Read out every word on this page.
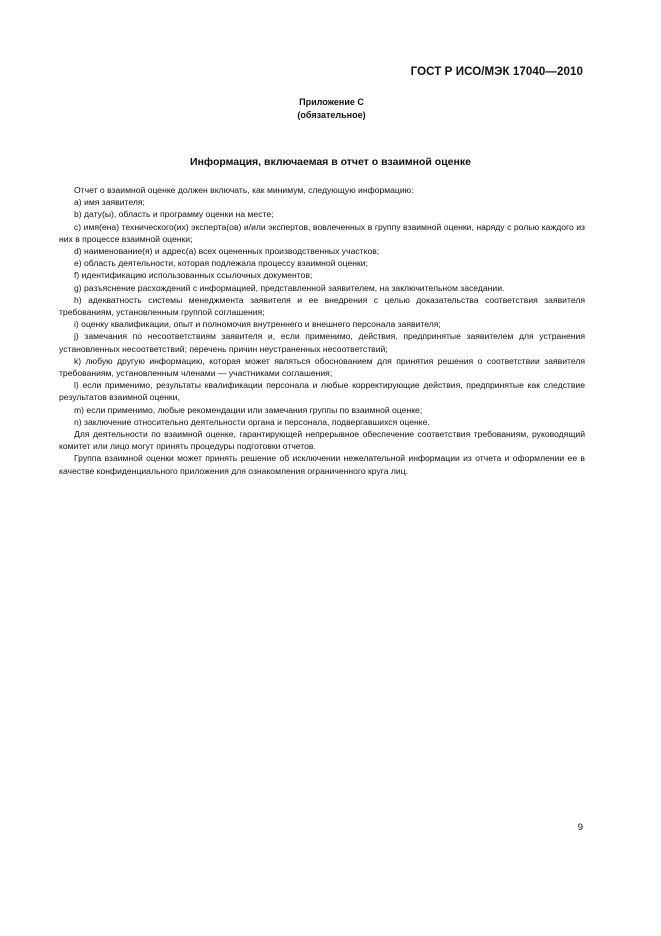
ГОСТ Р ИСО/МЭК 17040—2010
Приложение С
(обязательное)
Информация, включаемая в отчет о взаимной оценке

Отчет о взаимной оценке должен включать, как минимум, следующую информацию:

а) имя заявителя;

b) дату(ы), область и программу оценки на месте;

с) имя(ена) технического(их) эксперта(ов) и/или экспертов, вовлеченных в группу взаимной оценки, наряду с ролью каждого из них в процессе взаимной оценки;

d) наименование(я) и адрес(а) всех оцененных производственных участков;

е) область деятельности, которая подлежала процессу взаимной оценки;

f) идентификацию использованных ссылочных документов;

g) разъяснение расхождений с информацией, представленной заявителем, на заключительном заседании.

h) адекватность системы менеджмента заявителя и ее внедрения с целью доказательства соответствия заявителя требованиям, установленным группой соглашения;

i) оценку квалификации, опыт и полномочия внутреннего и внешнего персонала заявителя;

j) замечания по несоответствиям заявителя и, если применимо, действия, предпринятые заявителем для устранения установленных несоответствий; перечень причин неустраненных несоответствий;

k) любую другую информацию, которая может являться обоснованием для принятия решения о соответствии заявителя требованиям, установленным членами — участниками соглашения;

l) если применимо, результаты квалификации персонала и любые корректирующие действия, предпринятые как следствие результатов взаимной оценки,

m) если применимо, любые рекомендации или замечания группы по взаимной оценке;

n) заключение относительно деятельности органа и персонала, подвергавшихся оценке.

Для деятельности по взаимной оценке, гарантирующей непрерывное обеспечение соответствия требованиям, руководящий комитет или лицо могут принять процедуры подготовки отчетов.

Группа взаимной оценки может принять решение об исключении нежелательной информации из отчета и оформлении ее в качестве конфиденциального приложения для ознакомления ограниченного круга лиц.

9
